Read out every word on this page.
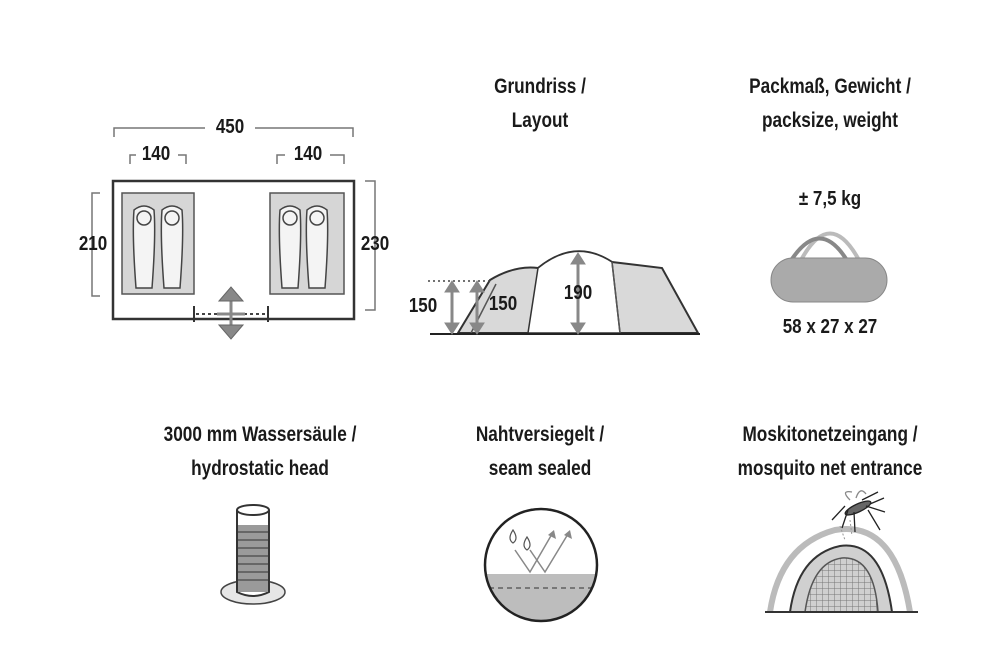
450
140	140
210	230
Grundriss /
Layout
150	150 190
Packmaß, Gewicht /
packsize, weight
± 7,5 kg
58 x 27 x 27
3000 mm Wassersäule /
hydrostatic head
Nahtversiegelt /
seam sealed
Moskitonetzeingang /
mosquito net entrance
